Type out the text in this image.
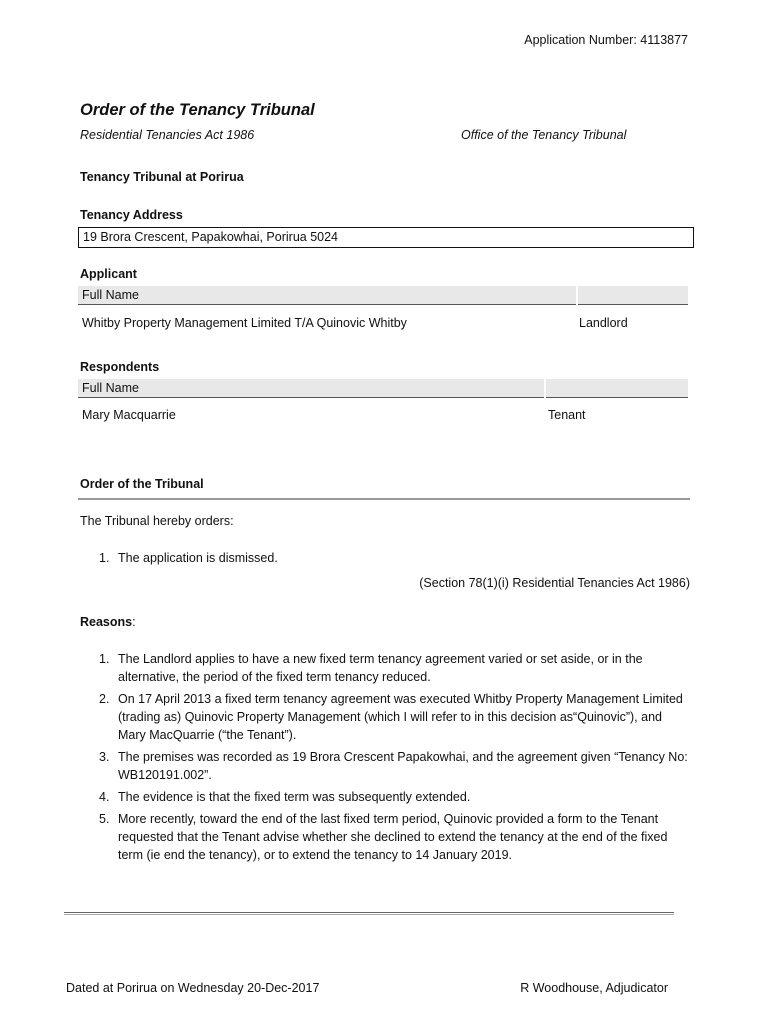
Application Number: 4113877
Order of the Tenancy Tribunal
Residential Tenancies Act 1986	Office of the Tenancy Tribunal
Tenancy Tribunal at Porirua
Tenancy Address
19 Brora Crescent, Papakowhai, Porirua 5024
Applicant
Full Name
Whitby Property Management Limited T/A Quinovic Whitby	Landlord
Respondents
Full Name
Mary Macquarrie	Tenant
Order of the Tribunal
The Tribunal hereby orders:
1. The application is dismissed.
(Section 78(1)(i) Residential Tenancies Act 1986)
Reasons:
1. The Landlord applies to have a new fixed term tenancy agreement varied or set aside, or in the alternative, the period of the fixed term tenancy reduced.
2. On 17 April 2013 a fixed term tenancy agreement was executed Whitby Property Management Limited (trading as) Quinovic Property Management (which I will refer to in this decision as“Quinovic”), and Mary MacQuarrie (“the Tenant”).
3. The premises was recorded as 19 Brora Crescent Papakowhai, and the agreement given “Tenancy No: WB120191.002”.
4. The evidence is that the fixed term was subsequently extended.
5. More recently, toward the end of the last fixed term period, Quinovic provided a form to the Tenant requested that the Tenant advise whether she declined to extend the tenancy at the end of the fixed term (ie end the tenancy), or to extend the tenancy to 14 January 2019.
Dated at Porirua on Wednesday 20-Dec-2017	R Woodhouse, Adjudicator
